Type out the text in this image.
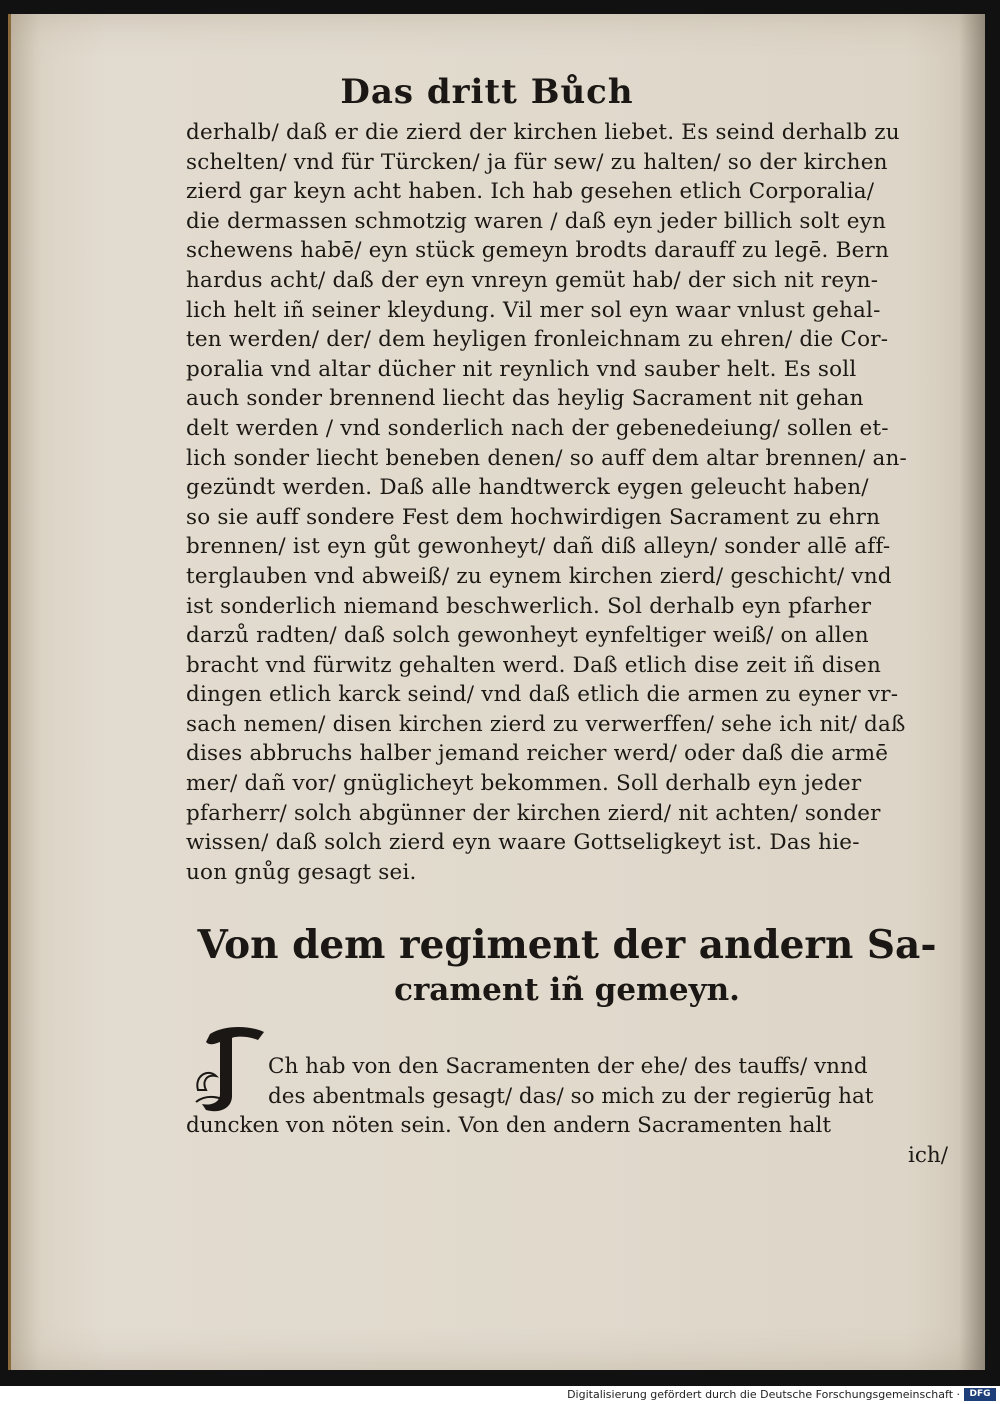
Das dritt Bůch
derhalb/ daß er die zierd der kirchen liebet. Es seind derhalb zu
schelten/ vnd für Türcken/ ja für sew/ zu halten/ so der kirchen
zierd gar keyn acht haben. Ich hab gesehen etlich Corporalia/
die dermassen schmotzig waren / daß eyn jeder billich solt eyn
schewens habē/ eyn stück gemeyn brodts darauff zu legē. Bern
hardus acht/ daß der eyn vnreyn gemüt hab/ der sich nit reyn-
lich helt iñ seiner kleydung. Vil mer sol eyn waar vnlust gehal-
ten werden/ der/ dem heyligen fronleichnam zu ehren/ die Cor-
poralia vnd altar dücher nit reynlich vnd sauber helt. Es soll
auch sonder brennend liecht das heylig Sacrament nit gehan
delt werden / vnd sonderlich nach der gebenedeiung/ sollen et-
lich sonder liecht beneben denen/ so auff dem altar brennen/ an-
gezündt werden. Daß alle handtwerck eygen geleucht haben/
so sie auff sondere Fest dem hochwirdigen Sacrament zu ehrn
brennen/ ist eyn gůt gewonheyt/ dañ diß alleyn/ sonder allē aff-
terglauben vnd abweiß/ zu eynem kirchen zierd/ geschicht/ vnd
ist sonderlich niemand beschwerlich. Sol derhalb eyn pfarher
darzů radten/ daß solch gewonheyt eynfeltiger weiß/ on allen
bracht vnd fürwitz gehalten werd. Daß etlich dise zeit iñ disen
dingen etlich karck seind/ vnd daß etlich die armen zu eyner vr-
sach nemen/ disen kirchen zierd zu verwerffen/ sehe ich nit/ daß
dises abbruchs halber jemand reicher werd/ oder daß die armē
mer/ dañ vor/ gnüglicheyt bekommen. Soll derhalb eyn jeder
pfarherr/ solch abgünner der kirchen zierd/ nit achten/ sonder
wissen/ daß solch zierd eyn waare Gottseligkeyt ist. Das hie-
uon gnůg gesagt sei.
Von dem regiment der andern Sa-
crament iñ gemeyn.
Ch hab von den Sacramenten der ehe/ des tauffs/ vnnd
des abentmals gesagt/ das/ so mich zu der regierūg hat
duncken von nöten sein. Von den andern Sacramenten halt
ich/
Digitalisierung gefördert durch die Deutsche Forschungsgemeinschaft ·	DFG
